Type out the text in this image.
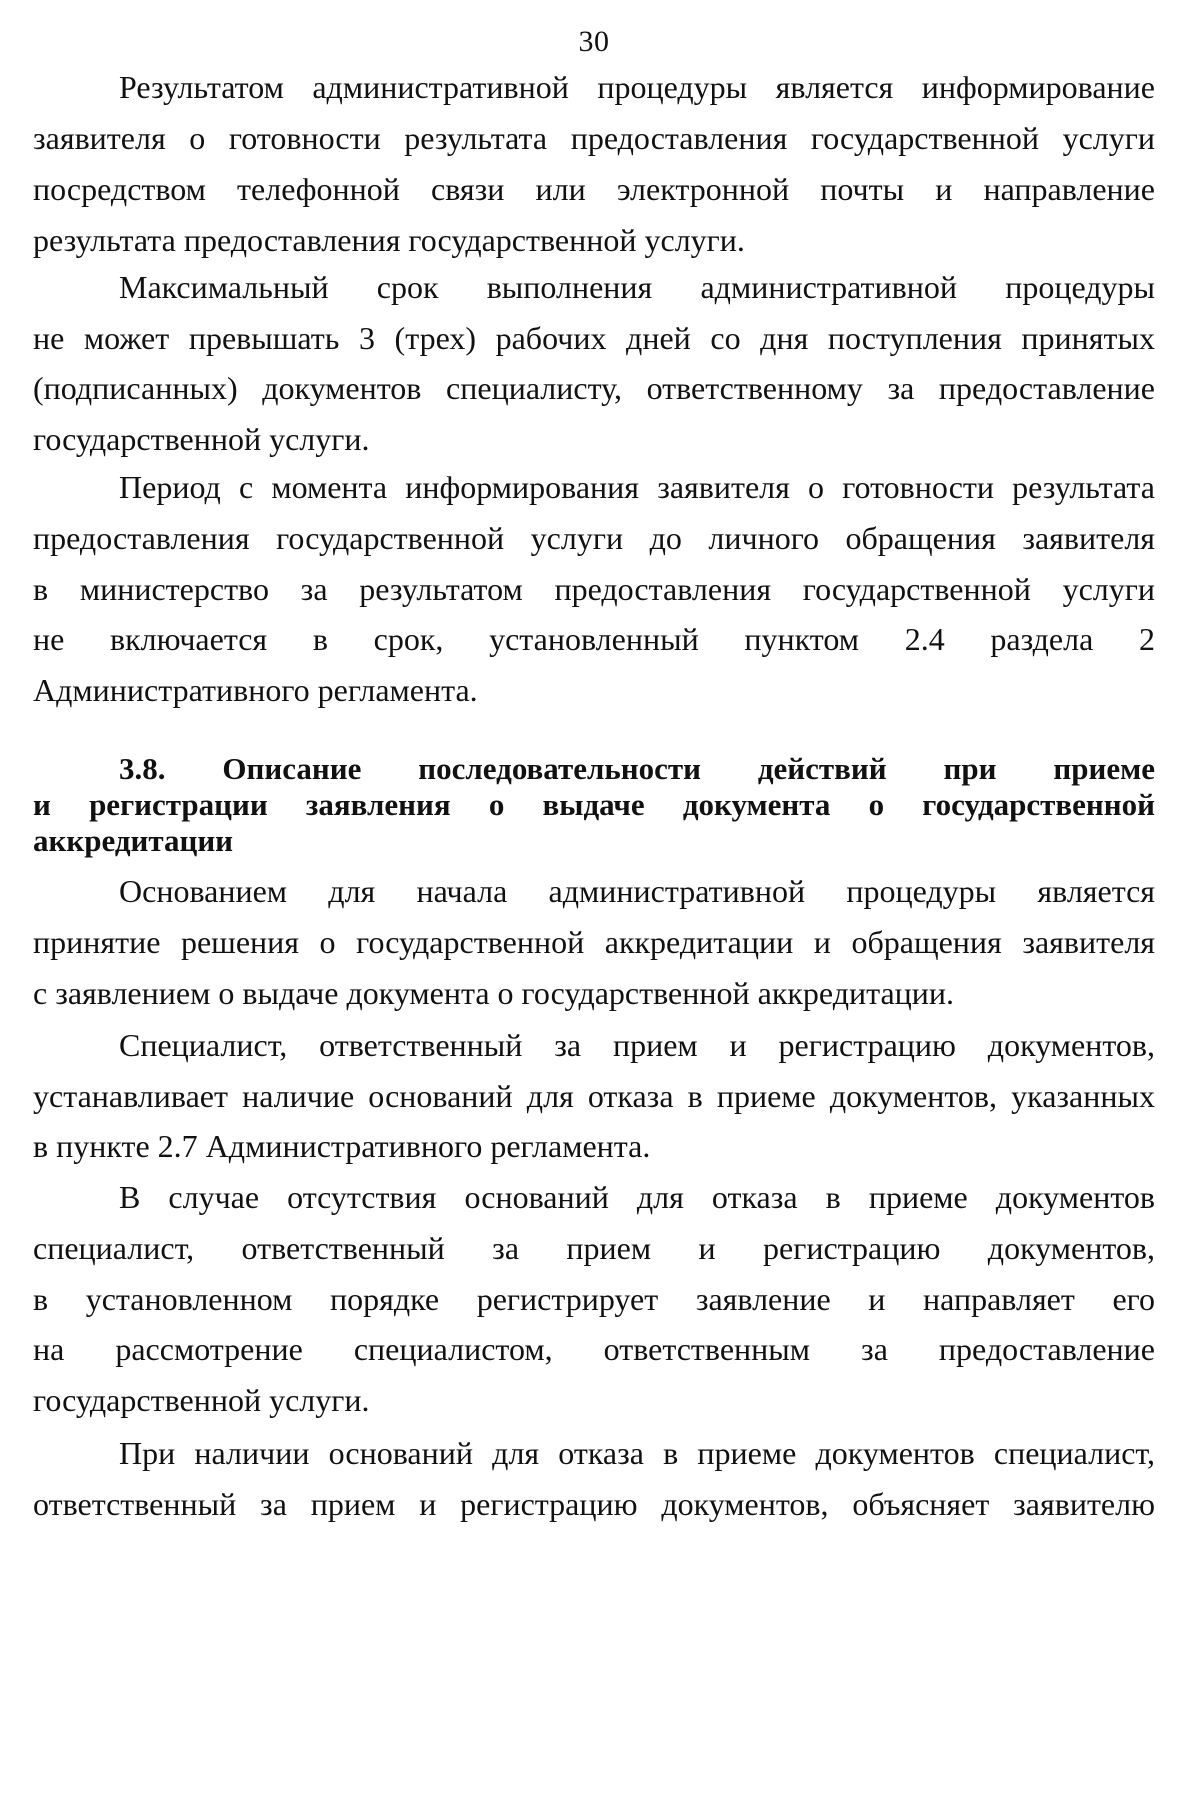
30
Результатом административной процедуры является информирование
заявителя о готовности результата предоставления государственной услуги
посредством телефонной связи или электронной почты и направление
результата предоставления государственной услуги.
Максимальный срок выполнения административной процедуры
не может превышать 3 (трех) рабочих дней со дня поступления принятых
(подписанных) документов специалисту, ответственному за предоставление
государственной услуги.
Период с момента информирования заявителя о готовности результата
предоставления государственной услуги до личного обращения заявителя
в министерство за результатом предоставления государственной услуги
не включается в срок, установленный пунктом 2.4 раздела 2
Административного регламента.
3.8. Описание последовательности действий при приеме
и регистрации заявления о выдаче документа о государственной
аккредитации
Основанием для начала административной процедуры является
принятие решения о государственной аккредитации и обращения заявителя
с заявлением о выдаче документа о государственной аккредитации.
Специалист, ответственный за прием и регистрацию документов,
устанавливает наличие оснований для отказа в приеме документов, указанных
в пункте 2.7 Административного регламента.
В случае отсутствия оснований для отказа в приеме документов
специалист, ответственный за прием и регистрацию документов,
в установленном порядке регистрирует заявление и направляет его
на рассмотрение специалистом, ответственным за предоставление
государственной услуги.
При наличии оснований для отказа в приеме документов специалист,
ответственный за прием и регистрацию документов, объясняет заявителю
